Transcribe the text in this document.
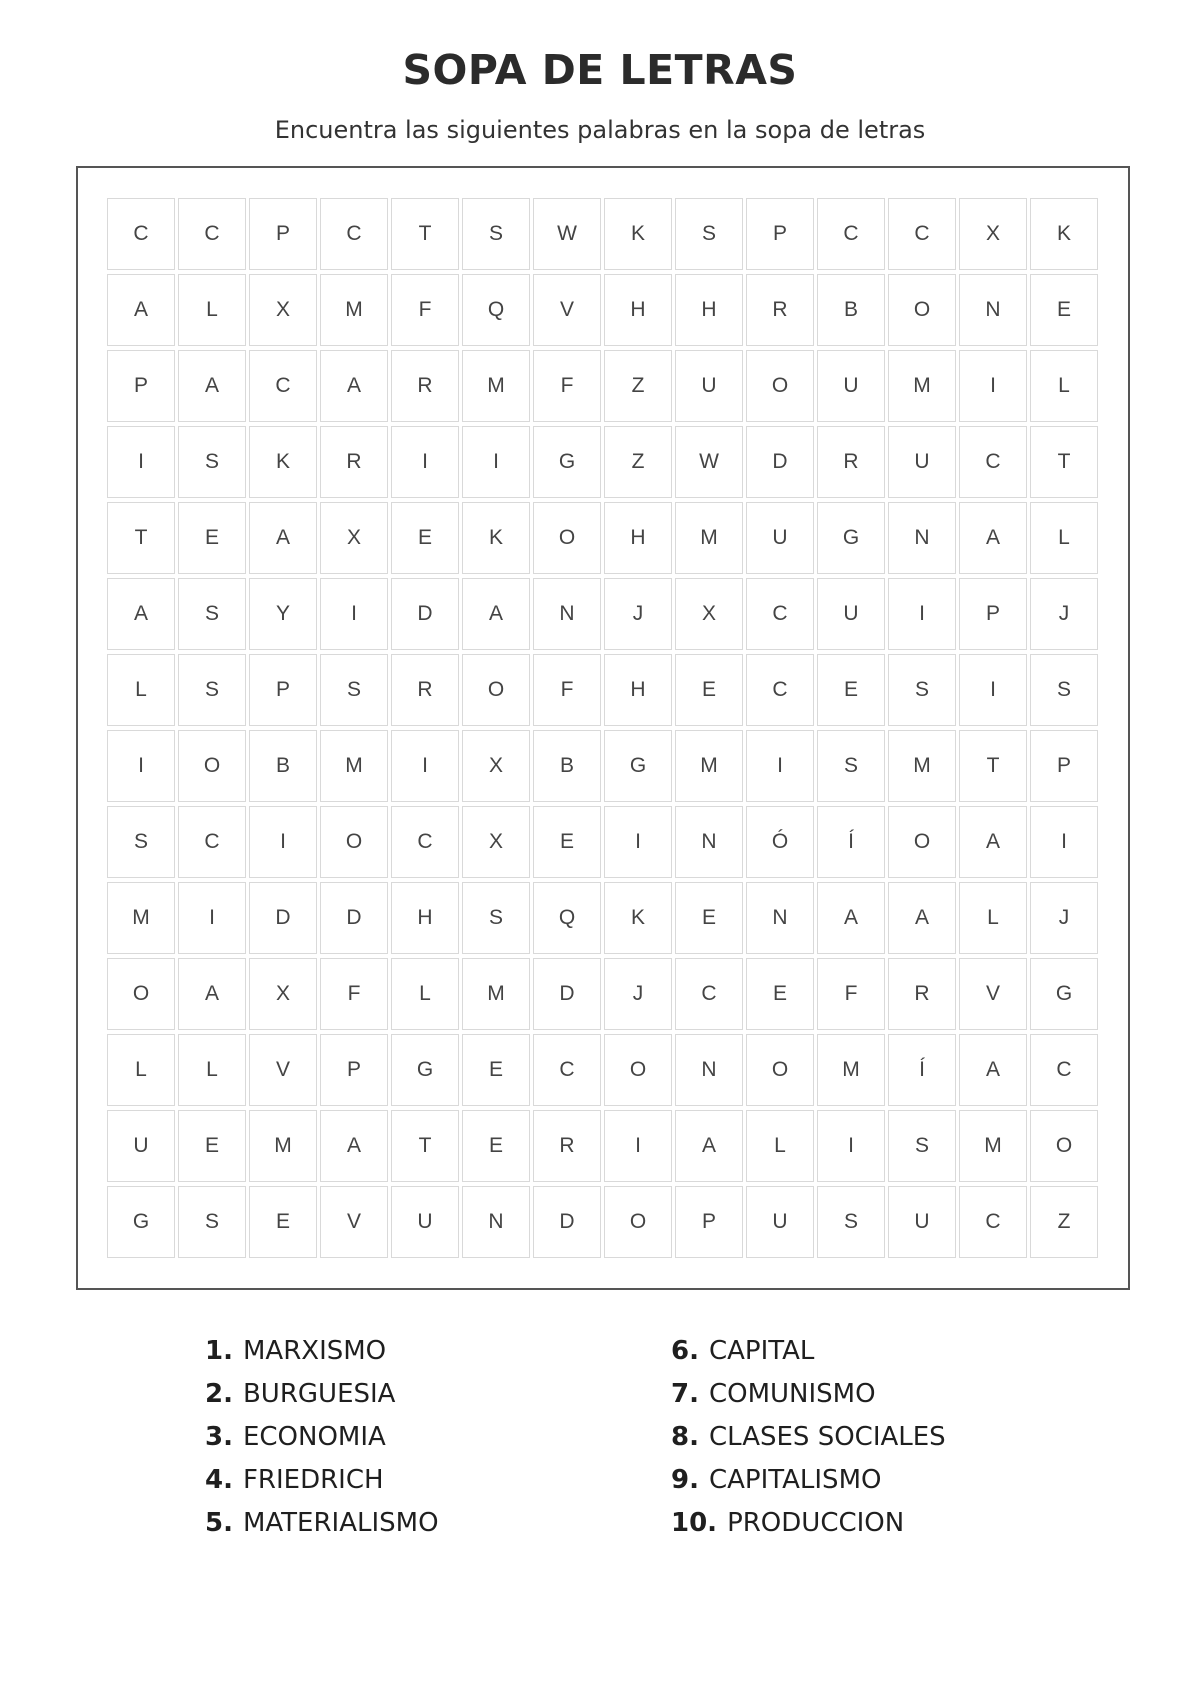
SOPA DE LETRAS
Encuentra las siguientes palabras en la sopa de letras
C	C	P	C	T	S	W	K	S	P	C	C	X	K
A	L	X	M	F	Q	V	H	H	R	B	O	N	E
P	A	C	A	R	M	F	Z	U	O	U	M	I	L
I	S	K	R	I	I	G	Z	W	D	R	U	C	T
T	E	A	X	E	K	O	H	M	U	G	N	A	L
A	S	Y	I	D	A	N	J	X	C	U	I	P	J
L	S	P	S	R	O	F	H	E	C	E	S	I	S
I	O	B	M	I	X	B	G	M	I	S	M	T	P
S	C	I	O	C	X	E	I	N	Ó	Í	O	A	I
M	I	D	D	H	S	Q	K	E	N	A	A	L	J
O	A	X	F	L	M	D	J	C	E	F	R	V	G
L	L	V	P	G	E	C	O	N	O	M	Í	A	C
U	E	M	A	T	E	R	I	A	L	I	S	M	O
G	S	E	V	U	N	D	O	P	U	S	U	C	Z
1. MARXISMO
2. BURGUESIA
3. ECONOMIA
4. FRIEDRICH
5. MATERIALISMO
6. CAPITAL
7. COMUNISMO
8. CLASES SOCIALES
9. CAPITALISMO
10. PRODUCCION
